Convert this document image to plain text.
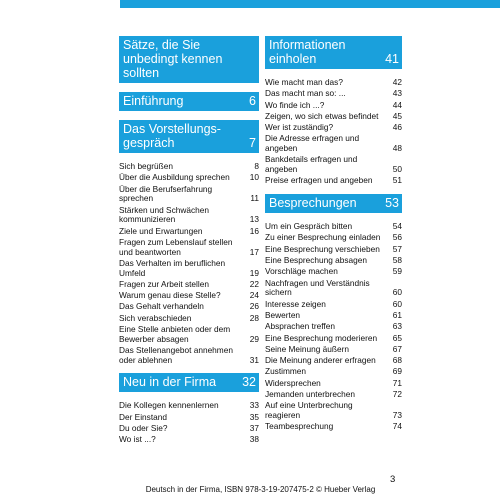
Sätze, die Sie unbedingt kennen sollten
Einführung	6
Das Vorstellungs-gespräch	7
Sich begrüßen	8
Über die Ausbildung sprechen	10
Über die Berufserfahrung sprechen	11
Stärken und Schwächen kommunizieren	13
Ziele und Erwartungen	16
Fragen zum Lebenslauf stellen und beantworten	17
Das Verhalten im beruflichen Umfeld	19
Fragen zur Arbeit stellen	22
Warum genau diese Stelle?	24
Das Gehalt verhandeln	26
Sich verabschieden	28
Eine Stelle anbieten oder dem Bewerber absagen	29
Das Stellenangebot annehmen oder ablehnen	31
Neu in der Firma	32
Die Kollegen kennenlernen	33
Der Einstand	35
Du oder Sie?	37
Wo ist ...?	38
Informationen einholen	41
Wie macht man das?	42
Das macht man so: ...	43
Wo finde ich ...?	44
Zeigen, wo sich etwas befindet	45
Wer ist zuständig?	46
Die Adresse erfragen und angeben	48
Bankdetails erfragen und angeben	50
Preise erfragen und angeben	51
Besprechungen	53
Um ein Gespräch bitten	54
Zu einer Besprechung einladen	56
Eine Besprechung verschieben	57
Eine Besprechung absagen	58
Vorschläge machen	59
Nachfragen und Verständnis sichern	60
Interesse zeigen	60
Bewerten	61
Absprachen treffen	63
Eine Besprechung moderieren	65
Seine Meinung äußern	67
Die Meinung anderer erfragen	68
Zustimmen	69
Widersprechen	71
Jemanden unterbrechen	72
Auf eine Unterbrechung reagieren	73
Teambesprechung	74
3
Deutsch in der Firma, ISBN 978-3-19-207475-2 © Hueber Verlag
